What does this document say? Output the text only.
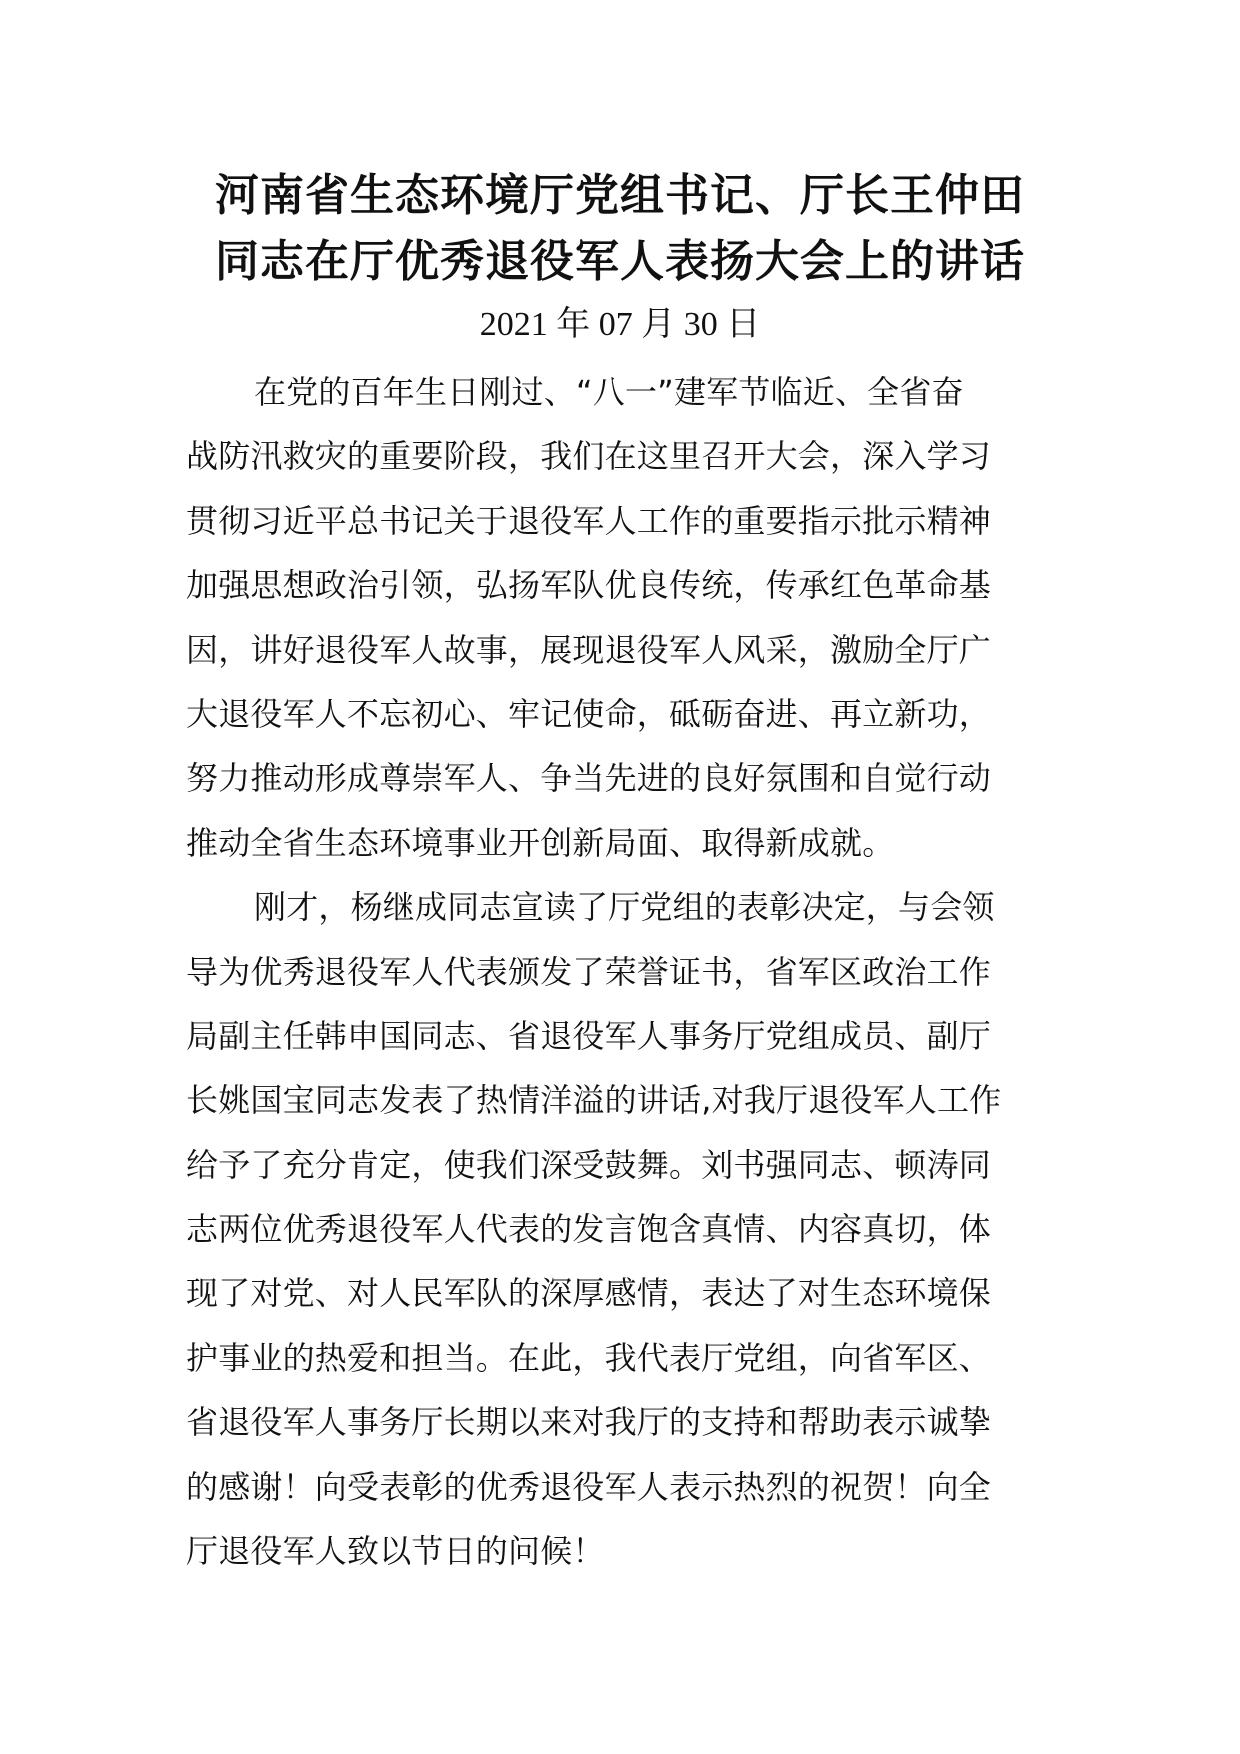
河南省生态环境厅党组书记、厅长王仲田
同志在厅优秀退役军人表扬大会上的讲话
2021 年 07 月 30 日
在党的百年生日刚过、“八一”建军节临近、全省奋
战防汛救灾的重要阶段，我们在这里召开大会，深入学习
贯彻习近平总书记关于退役军人工作的重要指示批示精神
加强思想政治引领，弘扬军队优良传统，传承红色革命基
因，讲好退役军人故事，展现退役军人风采，激励全厅广
大退役军人不忘初心、牢记使命，砥砺奋进、再立新功，
努力推动形成尊崇军人、争当先进的良好氛围和自觉行动
推动全省生态环境事业开创新局面、取得新成就。
刚才，杨继成同志宣读了厅党组的表彰决定，与会领
导为优秀退役军人代表颁发了荣誉证书，省军区政治工作
局副主任韩申国同志、省退役军人事务厅党组成员、副厅
长姚国宝同志发表了热情洋溢的讲话,对我厅退役军人工作
给予了充分肯定，使我们深受鼓舞。刘书强同志、顿涛同
志两位优秀退役军人代表的发言饱含真情、内容真切，体
现了对党、对人民军队的深厚感情，表达了对生态环境保
护事业的热爱和担当。在此，我代表厅党组，向省军区、
省退役军人事务厅长期以来对我厅的支持和帮助表示诚挚
的感谢！向受表彰的优秀退役军人表示热烈的祝贺！向全
厅退役军人致以节日的问候！
